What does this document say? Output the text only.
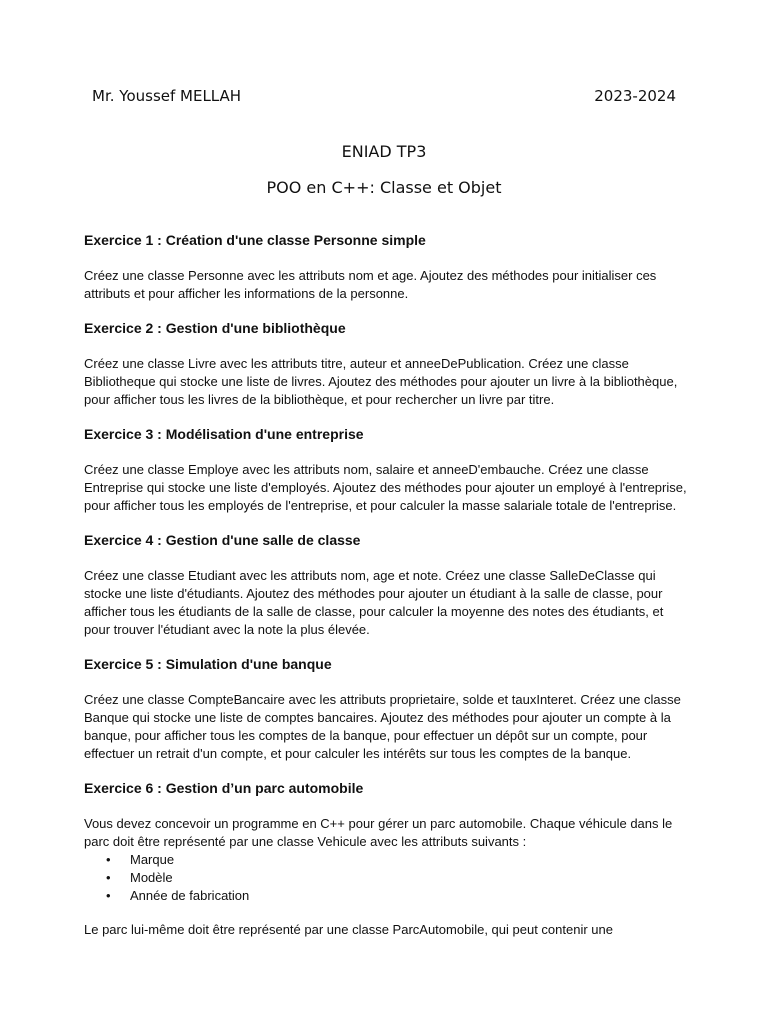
Mr. Youssef MELLAH	2023-2024
ENIAD TP3
POO en C++: Classe et Objet
Exercice 1 : Création d'une classe Personne simple
Créez une classe Personne avec les attributs nom et age. Ajoutez des méthodes pour initialiser ces attributs et pour afficher les informations de la personne.
Exercice 2 : Gestion d'une bibliothèque
Créez une classe Livre avec les attributs titre, auteur et anneeDePublication. Créez une classe Bibliotheque qui stocke une liste de livres. Ajoutez des méthodes pour ajouter un livre à la bibliothèque, pour afficher tous les livres de la bibliothèque, et pour rechercher un livre par titre.
Exercice 3 : Modélisation d'une entreprise
Créez une classe Employe avec les attributs nom, salaire et anneeD'embauche. Créez une classe Entreprise qui stocke une liste d'employés. Ajoutez des méthodes pour ajouter un employé à l'entreprise, pour afficher tous les employés de l'entreprise, et pour calculer la masse salariale totale de l'entreprise.
Exercice 4 : Gestion d'une salle de classe
Créez une classe Etudiant avec les attributs nom, age et note. Créez une classe SalleDeClasse qui stocke une liste d'étudiants. Ajoutez des méthodes pour ajouter un étudiant à la salle de classe, pour afficher tous les étudiants de la salle de classe, pour calculer la moyenne des notes des étudiants, et pour trouver l'étudiant avec la note la plus élevée.
Exercice 5 : Simulation d'une banque
Créez une classe CompteBancaire avec les attributs proprietaire, solde et tauxInteret. Créez une classe Banque qui stocke une liste de comptes bancaires. Ajoutez des méthodes pour ajouter un compte à la banque, pour afficher tous les comptes de la banque, pour effectuer un dépôt sur un compte, pour effectuer un retrait d'un compte, et pour calculer les intérêts sur tous les comptes de la banque.
Exercice 6 : Gestion d’un parc automobile
Vous devez concevoir un programme en C++ pour gérer un parc automobile. Chaque véhicule dans le parc doit être représenté par une classe Vehicule avec les attributs suivants :
• Marque
• Modèle
• Année de fabrication
Le parc lui-même doit être représenté par une classe ParcAutomobile, qui peut contenir une
